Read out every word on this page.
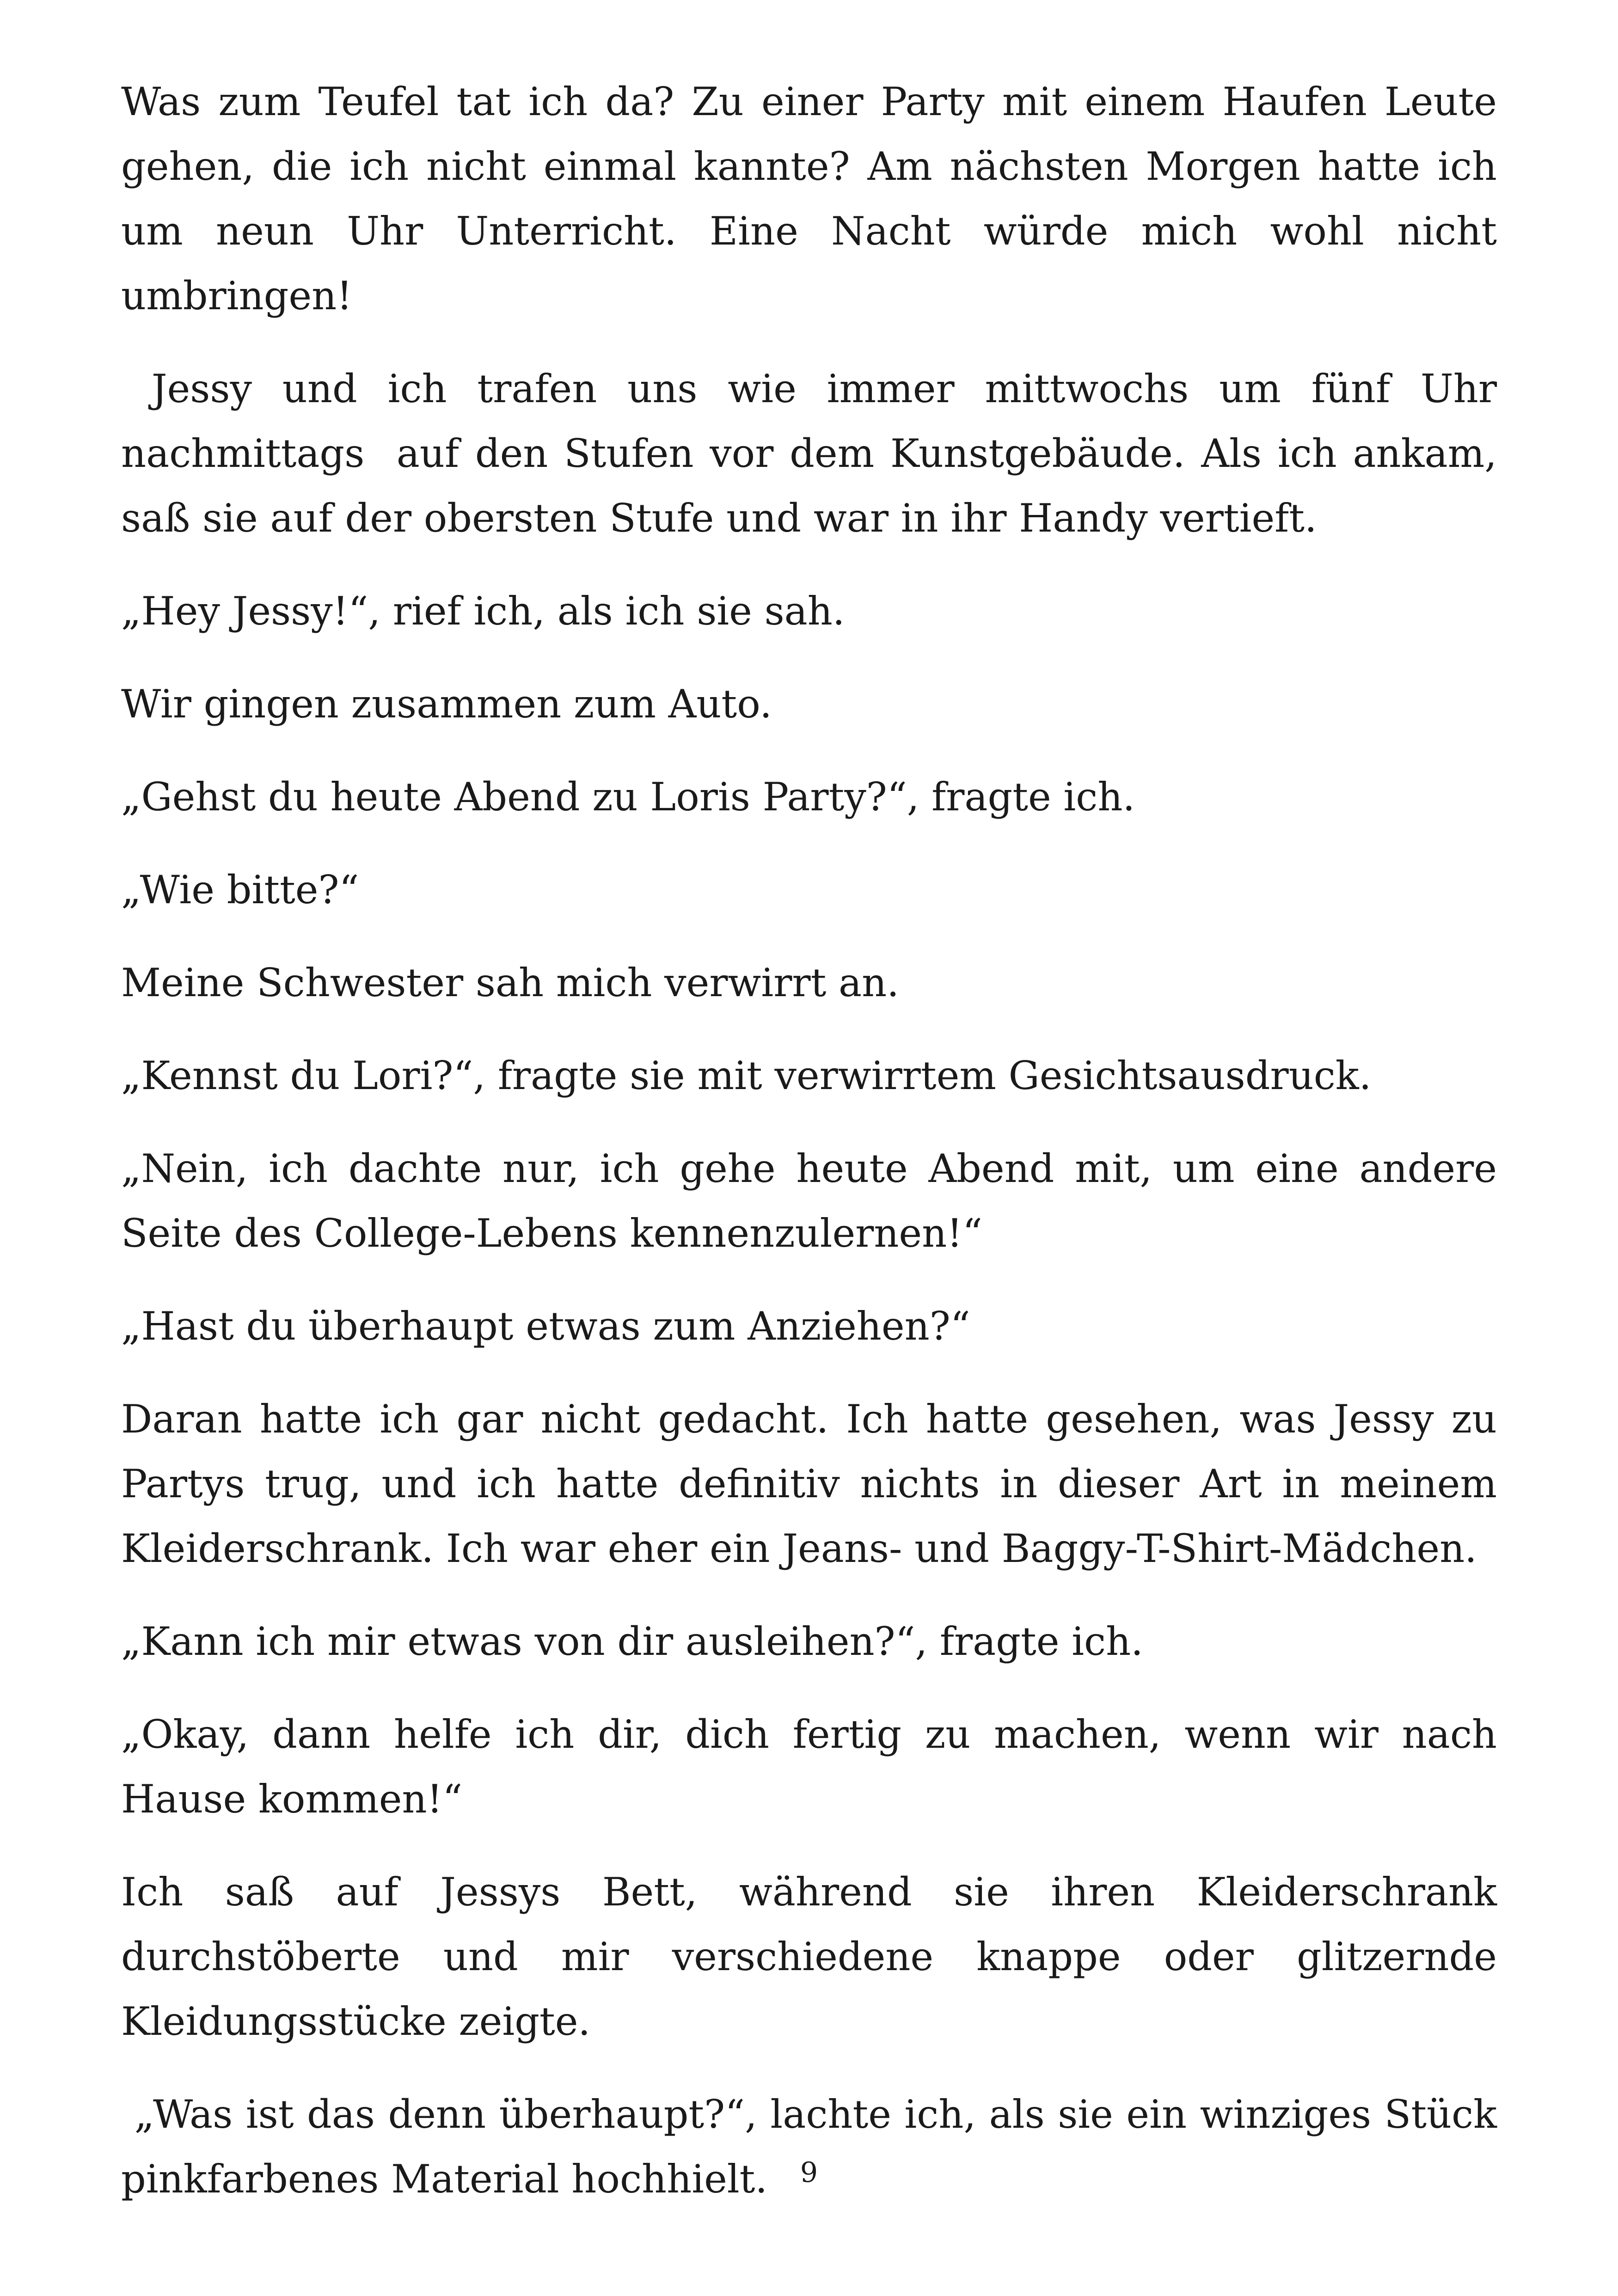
Was zum Teufel tat ich da? Zu einer Party mit einem Haufen Leute gehen, die ich nicht einmal kannte? Am nächsten Morgen hatte ich um neun Uhr Unterricht. Eine Nacht würde mich wohl nicht umbringen!

Jessy und ich trafen uns wie immer mittwochs um fünf Uhr nachmittags  auf den Stufen vor dem Kunstgebäude. Als ich ankam, saß sie auf der obersten Stufe und war in ihr Handy vertieft.

„Hey Jessy!“, rief ich, als ich sie sah.

Wir gingen zusammen zum Auto.

„Gehst du heute Abend zu Loris Party?“, fragte ich.

„Wie bitte?“

Meine Schwester sah mich verwirrt an.

„Kennst du Lori?“, fragte sie mit verwirrtem Gesichtsausdruck.

„Nein, ich dachte nur, ich gehe heute Abend mit, um eine andere Seite des College-Lebens kennenzulernen!“

„Hast du überhaupt etwas zum Anziehen?“

Daran hatte ich gar nicht gedacht. Ich hatte gesehen, was Jessy zu Partys trug, und ich hatte definitiv nichts in dieser Art in meinem Kleiderschrank. Ich war eher ein Jeans- und Baggy-T-Shirt-Mädchen.

„Kann ich mir etwas von dir ausleihen?“, fragte ich.

„Okay, dann helfe ich dir, dich fertig zu machen, wenn wir nach Hause kommen!“

Ich saß auf Jessys Bett, während sie ihren Kleiderschrank durchstöberte und mir verschiedene knappe oder glitzernde Kleidungsstücke zeigte.

„Was ist das denn überhaupt?“, lachte ich, als sie ein winziges Stück pinkfarbenes Material hochhielt.	9
